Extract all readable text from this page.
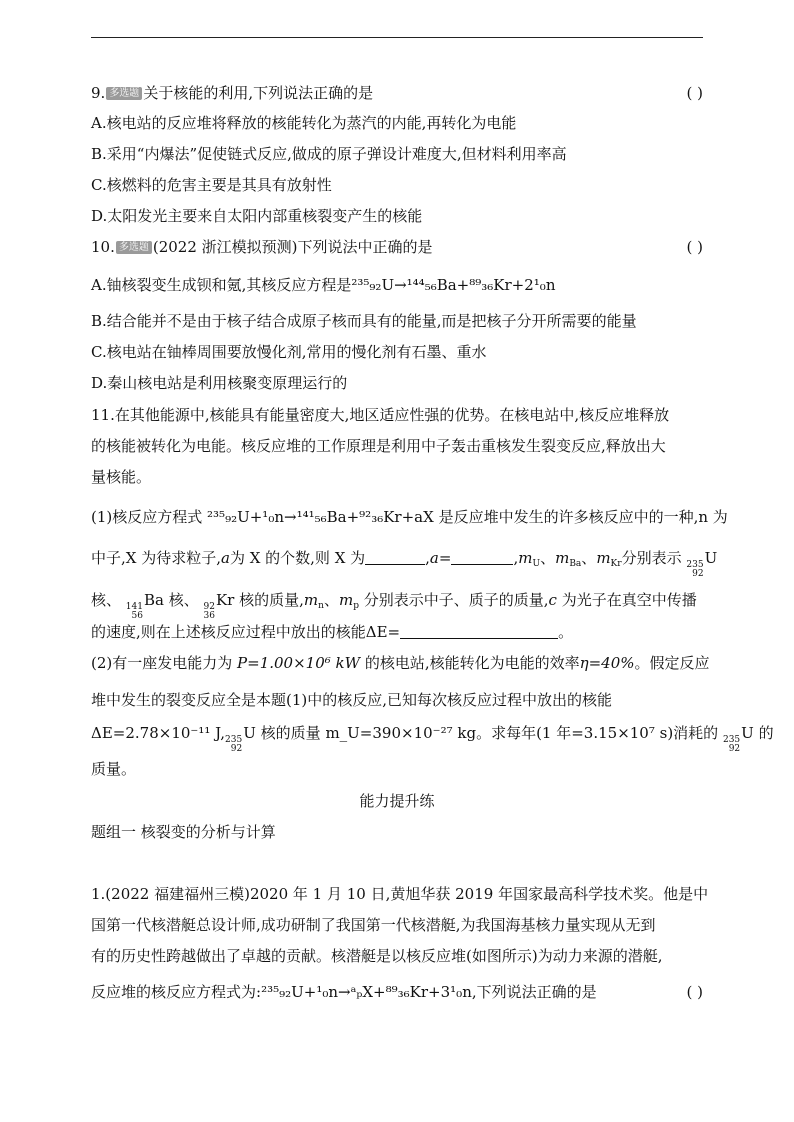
9. 多选题 关于核能的利用,下列说法正确的是	( )
A.核电站的反应堆将释放的核能转化为蒸汽的内能,再转化为电能
B.采用“内爆法”促使链式反应,做成的原子弹设计难度大,但材料利用率高
C.核燃料的危害主要是其具有放射性
D.太阳发光主要来自太阳内部重核裂变产生的核能
10. 多选题 (2022 浙江模拟预测)下列说法中正确的是	( )
A.铀核裂变生成钡和氪,其核反应方程是²³⁵₉₂U→¹⁴⁴₅₆Ba+⁸⁹₃₆Kr+2¹₀n
B.结合能并不是由于核子结合成原子核而具有的能量,而是把核子分开所需要的能量
C.核电站在铀棒周围要放慢化剂,常用的慢化剂有石墨、重水
D.秦山核电站是利用核聚变原理运行的
11.在其他能源中,核能具有能量密度大,地区适应性强的优势。在核电站中,核反应堆释放
的核能被转化为电能。核反应堆的工作原理是利用中子轰击重核发生裂变反应,释放出大
量核能。
(1)核反应方程式 ²³⁵₉₂U+¹₀n→¹⁴¹₅₆Ba+⁹²₃₆Kr+aX 是反应堆中发生的许多核反应中的一种,n 为
中子,X 为待求粒子,a为 X 的个数,则 X 为	,a=	$,m_U$、$m_{Ba}$、$m_{Kr}$分别表示 235
92
U
核、 141
56
Ba 核、 92
36
Kr 核的质量$,m_n$、$m_p$ 分别表示中子、质子的质量,c 为光子在真空中传播
的速度,则在上述核反应过程中放出的核能ΔE=	。
(2)有一座发电能力为 P=1.00×10⁶ kW 的核电站,核能转化为电能的效率η=40%。假定反应
堆中发生的裂变反应全是本题(1)中的核反应,已知每次核反应过程中放出的核能
ΔE=2.78×10⁻¹¹ J, 235
92
U 核的质量 m_U=390×10⁻²⁷ kg。求每年(1 年=3.15×10⁷ s)消耗的 235
92
U 的
质量。
能力提升练
题组一 核裂变的分析与计算
1.(2022 福建福州三模)2020 年 1 月 10 日,黄旭华获 2019 年国家最高科学技术奖。他是中
国第一代核潜艇总设计师,成功研制了我国第一代核潜艇,为我国海基核力量实现从无到
有的历史性跨越做出了卓越的贡献。核潜艇是以核反应堆(如图所示)为动力来源的潜艇,
反应堆的核反应方程式为:²³⁵₉₂U+¹₀n→ᵃₚX+⁸⁹₃₆Kr+3¹₀n,下列说法正确的是	( )
